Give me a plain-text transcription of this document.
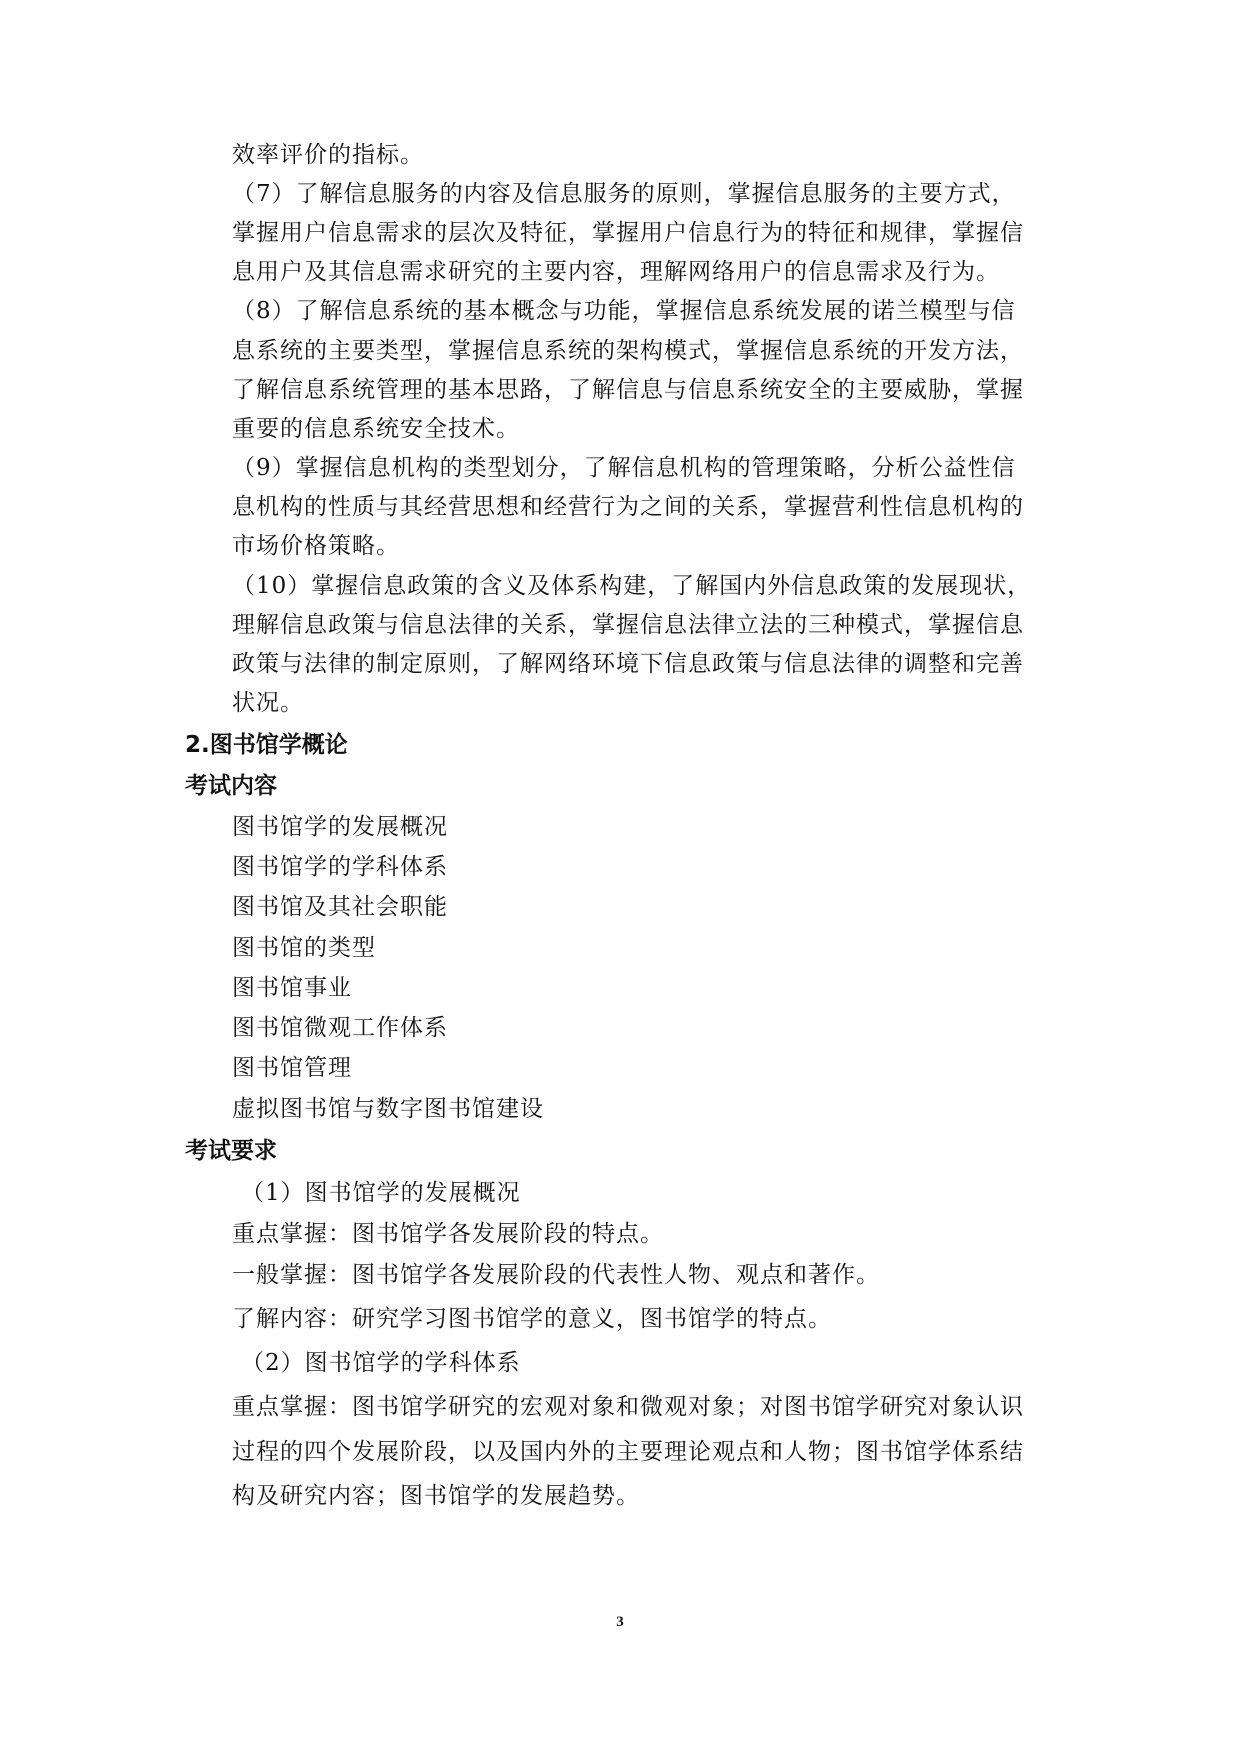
效率评价的指标。
（7）了解信息服务的内容及信息服务的原则，掌握信息服务的主要方式，
掌握用户信息需求的层次及特征，掌握用户信息行为的特征和规律，掌握信
息用户及其信息需求研究的主要内容，理解网络用户的信息需求及行为。
（8）了解信息系统的基本概念与功能，掌握信息系统发展的诺兰模型与信
息系统的主要类型，掌握信息系统的架构模式，掌握信息系统的开发方法，
了解信息系统管理的基本思路，了解信息与信息系统安全的主要威胁，掌握
重要的信息系统安全技术。
（9）掌握信息机构的类型划分，了解信息机构的管理策略，分析公益性信
息机构的性质与其经营思想和经营行为之间的关系，掌握营利性信息机构的
市场价格策略。
（10）掌握信息政策的含义及体系构建，了解国内外信息政策的发展现状，
理解信息政策与信息法律的关系，掌握信息法律立法的三种模式，掌握信息
政策与法律的制定原则，了解网络环境下信息政策与信息法律的调整和完善
状况。
2.图书馆学概论
考试内容
图书馆学的发展概况
图书馆学的学科体系
图书馆及其社会职能
图书馆的类型
图书馆事业
图书馆微观工作体系
图书馆管理
虚拟图书馆与数字图书馆建设
考试要求
（1）图书馆学的发展概况
重点掌握：图书馆学各发展阶段的特点。
一般掌握：图书馆学各发展阶段的代表性人物、观点和著作。
了解内容：研究学习图书馆学的意义，图书馆学的特点。
（2）图书馆学的学科体系
重点掌握：图书馆学研究的宏观对象和微观对象；对图书馆学研究对象认识
过程的四个发展阶段，以及国内外的主要理论观点和人物；图书馆学体系结
构及研究内容；图书馆学的发展趋势。
3
